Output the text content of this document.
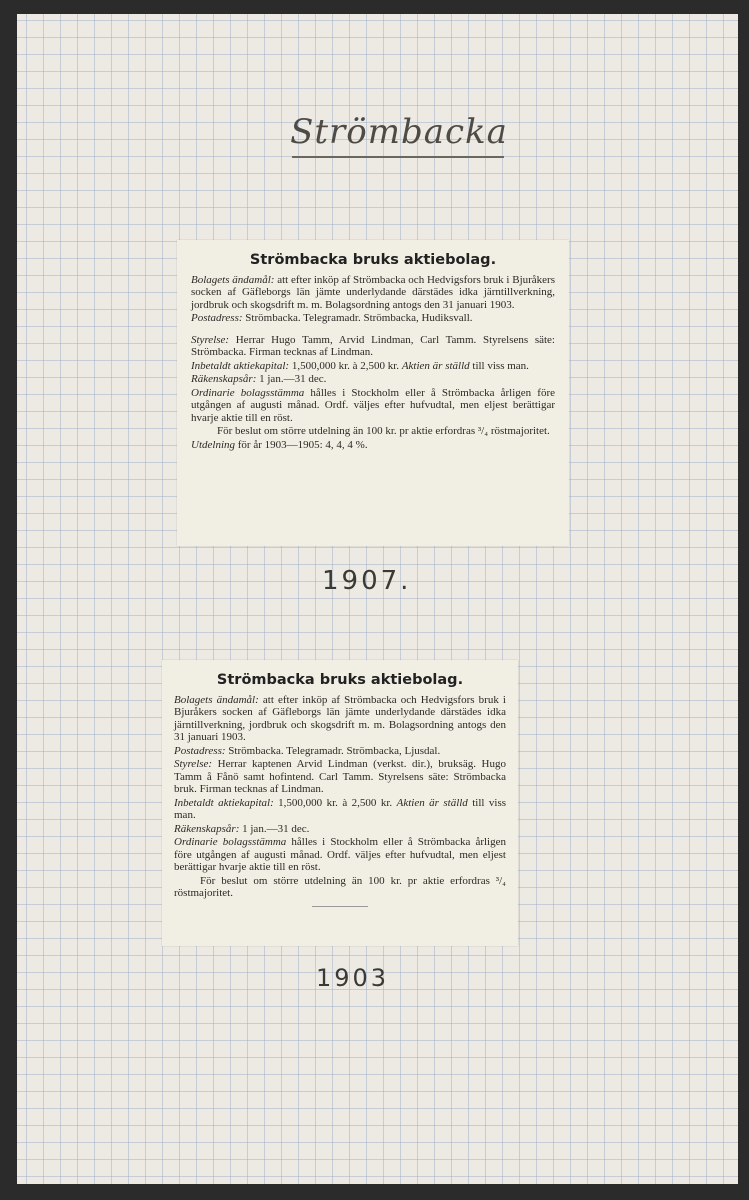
Strömbacka
Strömbacka bruks aktiebolag.

Bolagets ändamål: att efter inköp af Strömbacka och Hedvigsfors bruk i Bjuråkers socken af Gäfleborgs län jämte underlydande därstädes idka järntillverkning, jordbruk och skogsdrift m. m. Bolagsordning antogs den 31 januari 1903.

Postadress: Strömbacka. Telegramadr. Strömbacka, Hudiksvall.

Styrelse: Herrar Hugo Tamm, Arvid Lindman, Carl Tamm. Styrelsens säte: Strömbacka. Firman tecknas af Lindman.

Inbetaldt aktiekapital: 1,500,000 kr. à 2,500 kr. Aktien är ställd till viss man.

Räkenskapsår: 1 jan.—31 dec.

Ordinarie bolagsstämma hålles i Stockholm eller å Strömbacka årligen före utgången af augusti månad. Ordf. väljes efter hufvudtal, men eljest berättigar hvarje aktie till en röst.

För beslut om större utdelning än 100 kr. pr aktie erfordras ³/₄ röstmajoritet.

Utdelning för år 1903—1905: 4, 4, 4 %.

1907.
Strömbacka bruks aktiebolag.

Bolagets ändamål: att efter inköp af Strömbacka och Hedvigsfors bruk i Bjuråkers socken af Gäfleborgs län jämte underlydande därstädes idka järntillverkning, jordbruk och skogsdrift m. m. Bolagsordning antogs den 31 januari 1903.

Postadress: Strömbacka. Telegramadr. Strömbacka, Ljusdal.

Styrelse: Herrar kaptenen Arvid Lindman (verkst. dir.), bruksäg. Hugo Tamm å Fånö samt hofintend. Carl Tamm. Styrelsens säte: Strömbacka bruk. Firman tecknas af Lindman.

Inbetaldt aktiekapital: 1,500,000 kr. à 2,500 kr. Aktien är ställd till viss man.

Räkenskapsår: 1 jan.—31 dec.

Ordinarie bolagsstämma hålles i Stockholm eller å Strömbacka årligen före utgången af augusti månad. Ordf. väljes efter hufvudtal, men eljest berättigar hvarje aktie till en röst.

För beslut om större utdelning än 100 kr. pr aktie erfordras ³/₄ röstmajoritet.

1903
